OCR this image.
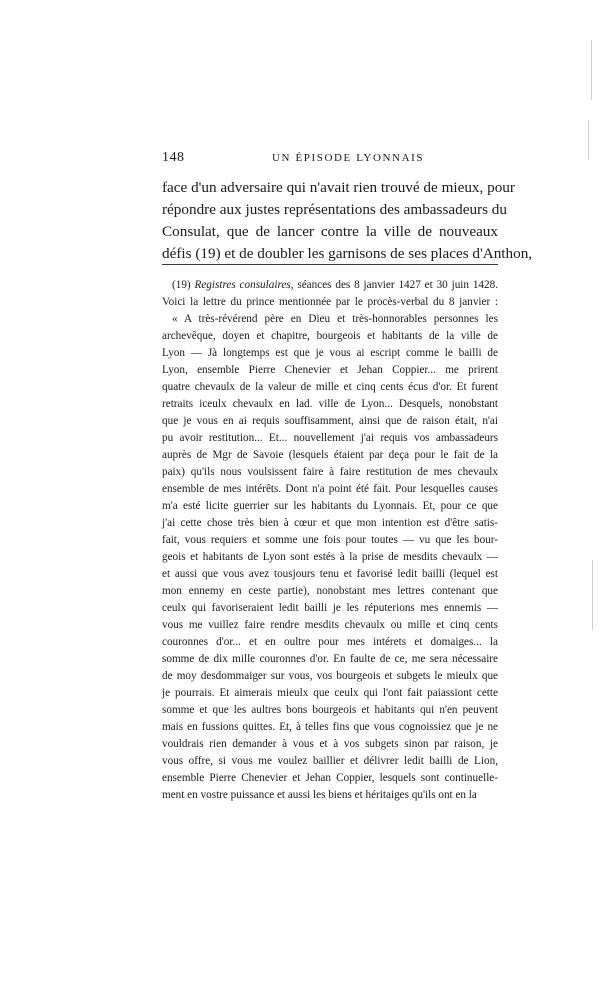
148	UN ÉPISODE LYONNAIS
face d'un adversaire qui n'avait rien trouvé de mieux, pour
répondre aux justes représentations des ambassadeurs du
Consulat, que de lancer contre la ville de nouveaux
défis (19) et de doubler les garnisons de ses places d'Anthon,
(19) Registres consulaires, séances des 8 janvier 1427 et 30 juin 1428.
Voici la lettre du prince mentionnée par le procès-verbal du 8 janvier :
« A très-révérend père en Dieu et très-honnorables personnes les
archevêque, doyen et chapitre, bourgeois et habitants de la ville de
Lyon — Jà longtemps est que je vous ai escript comme le bailli de
Lyon, ensemble Pierre Chenevier et Jehan Coppier... me prirent
quatre chevaulx de la valeur de mille et cinq cents écus d'or. Et furent
retraits iceulx chevaulx en lad. ville de Lyon... Desquels, nonobstant
que je vous en ai requis souffisamment, ainsi que de raison était, n'ai
pu avoir restitution... Et... nouvellement j'ai requis vos ambassadeurs
auprès de Mgr de Savoie (lesquels étaient par deça pour le fait de la
paix) qu'ils nous voulsissent faire à faire restitution de mes chevaulx
ensemble de mes intérêts. Dont n'a point été fait. Pour lesquelles causes
m'a esté licite guerrier sur les habitants du Lyonnais. Et, pour ce que
j'ai cette chose très bien à cœur et que mon intention est d'être satis-
fait, vous requiers et somme une fois pour toutes — vu que les bour-
geois et habitants de Lyon sont estés à la prise de mesdits chevaulx —
et aussi que vous avez tousjours tenu et favorisé ledit bailli (lequel est
mon ennemy en ceste partie), nonobstant mes lettres contenant que
ceulx qui favoriseraient ledit bailli je les réputerions mes ennemis —
vous me vuillez faire rendre mesdits chevaulx ou mille et cinq cents
couronnes d'or... et en oultre pour mes intérets et domaiges... la
somme de dix mille couronnes d'or. En faulte de ce, me sera nécessaire
de moy desdommaiger sur vous, vos bourgeois et subgets le mieulx que
je pourrais. Et aimerais mieulx que ceulx qui l'ont fait paiassiont cette
somme et que les aultres bons bourgeois et habitants qui n'en peuvent
mais en fussions quittes. Et, à telles fins que vous cognoissiez que je ne
vouldrais rien demander à vous et à vos subgets sinon par raison, je
vous offre, si vous me voulez baillier et délivrer ledit bailli de Lion,
ensemble Pierre Chenevier et Jehan Coppier, lesquels sont continuelle-
ment en vostre puissance et aussi les biens et héritaiges qu'ils ont en la
